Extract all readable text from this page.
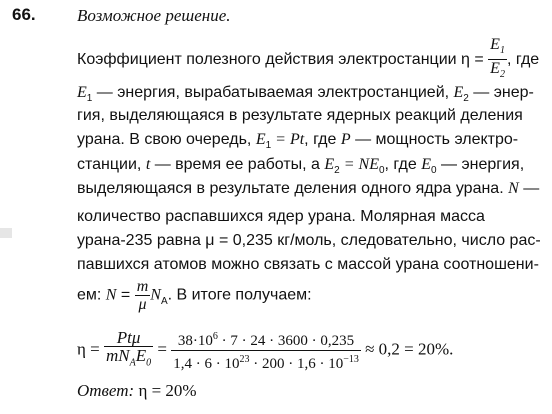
66. Возможное решение.
Коэффициент полезного действия электростанции $\eta = \frac{E_1}{E_2}$ , где
$E_1$ — энергия, вырабатываемая электростанцией, $E_2$ — энер-
гия, выделяющаяся в результате ядерных реакций деления
урана. В свою очередь, $E_1 = Pt$, где P — мощность электро-
станции, t — время ее работы, а $E_2 = NE_0$, где $E_0$ — энергия,
выделяющаяся в результате деления одного ядра урана. N —
количество распавшихся ядер урана. Молярная масса
урана-235 равна μ = 0,235 кг/моль, следовательно, число рас-
павшихся атомов можно связать с массой урана соотношени-
ем: $N = \frac{m}{\mu} N_A$. В итоге получаем:
$\eta = \frac{\text{Ptμ}}{mN_AE_0} = \frac{38\cdot 10^6 \cdot 7 \cdot 24 \cdot 3600 \cdot 0,235}{1,4 \cdot 6 \cdot 10^{23} \cdot 200 \cdot 1,6 \cdot 10^{-13}} \approx 0,2 = 20\%$.
Ответ: η = 20%
